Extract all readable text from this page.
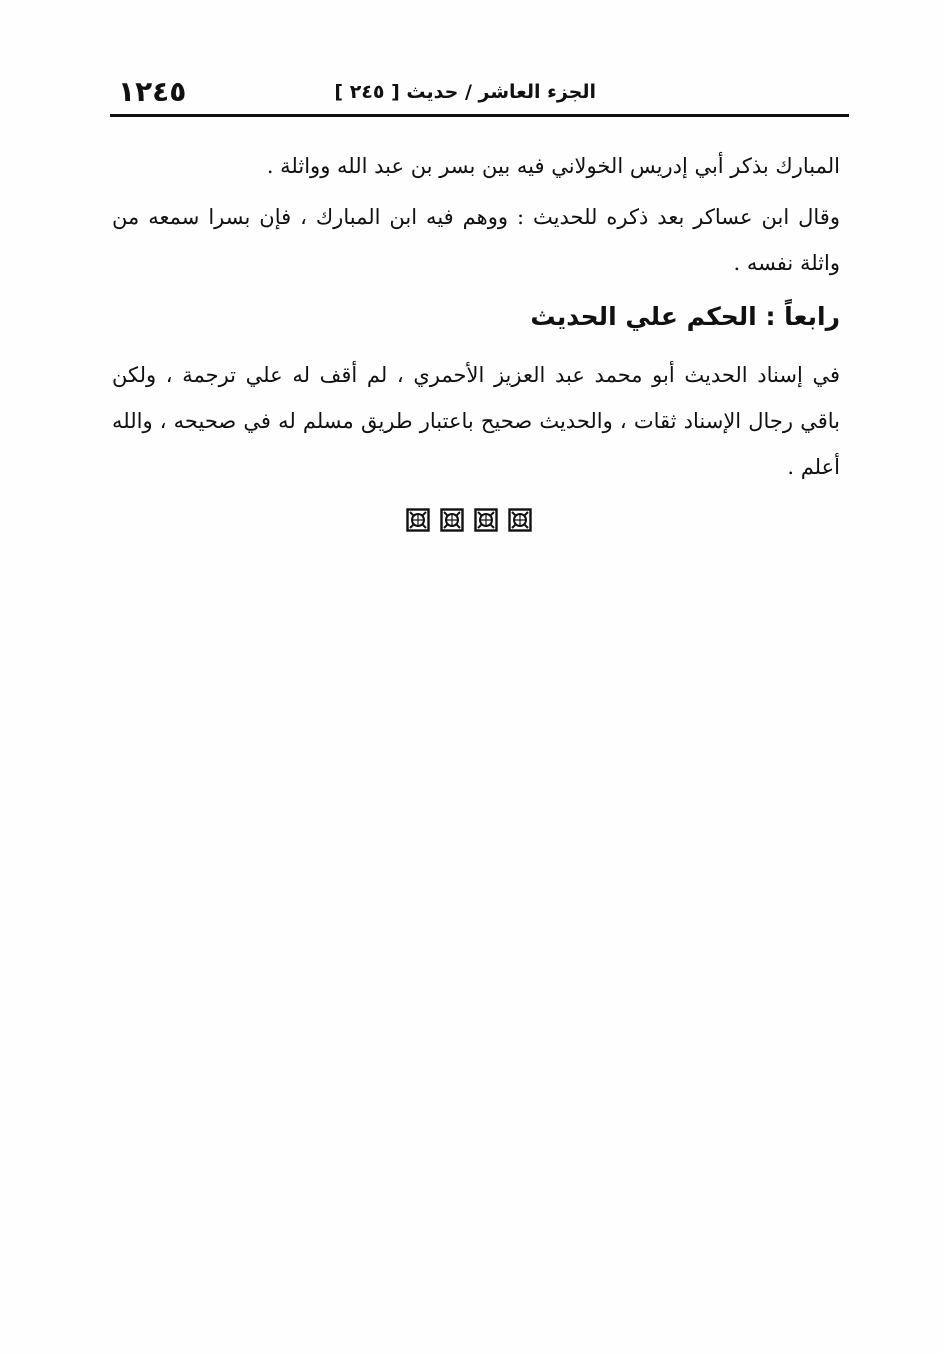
١٢٤٥	الجزء العاشر / حديث [ ٢٤٥ ]

المبارك بذكر أبي إدريس الخولاني فيه بين بسر بن عبد الله وواثلة .

وقال ابن عساكر بعد ذكره للحديث : ووهم فيه ابن المبارك ، فإن بسرا سمعه من واثلة نفسه .

رابعاً : الحكم علي الحديث

في إسناد الحديث أبو محمد عبد العزيز الأحمري ، لم أقف له علي ترجمة ، ولكن باقي رجال الإسناد ثقات ، والحديث صحيح باعتبار طريق مسلم له في صحيحه ، والله أعلم .
